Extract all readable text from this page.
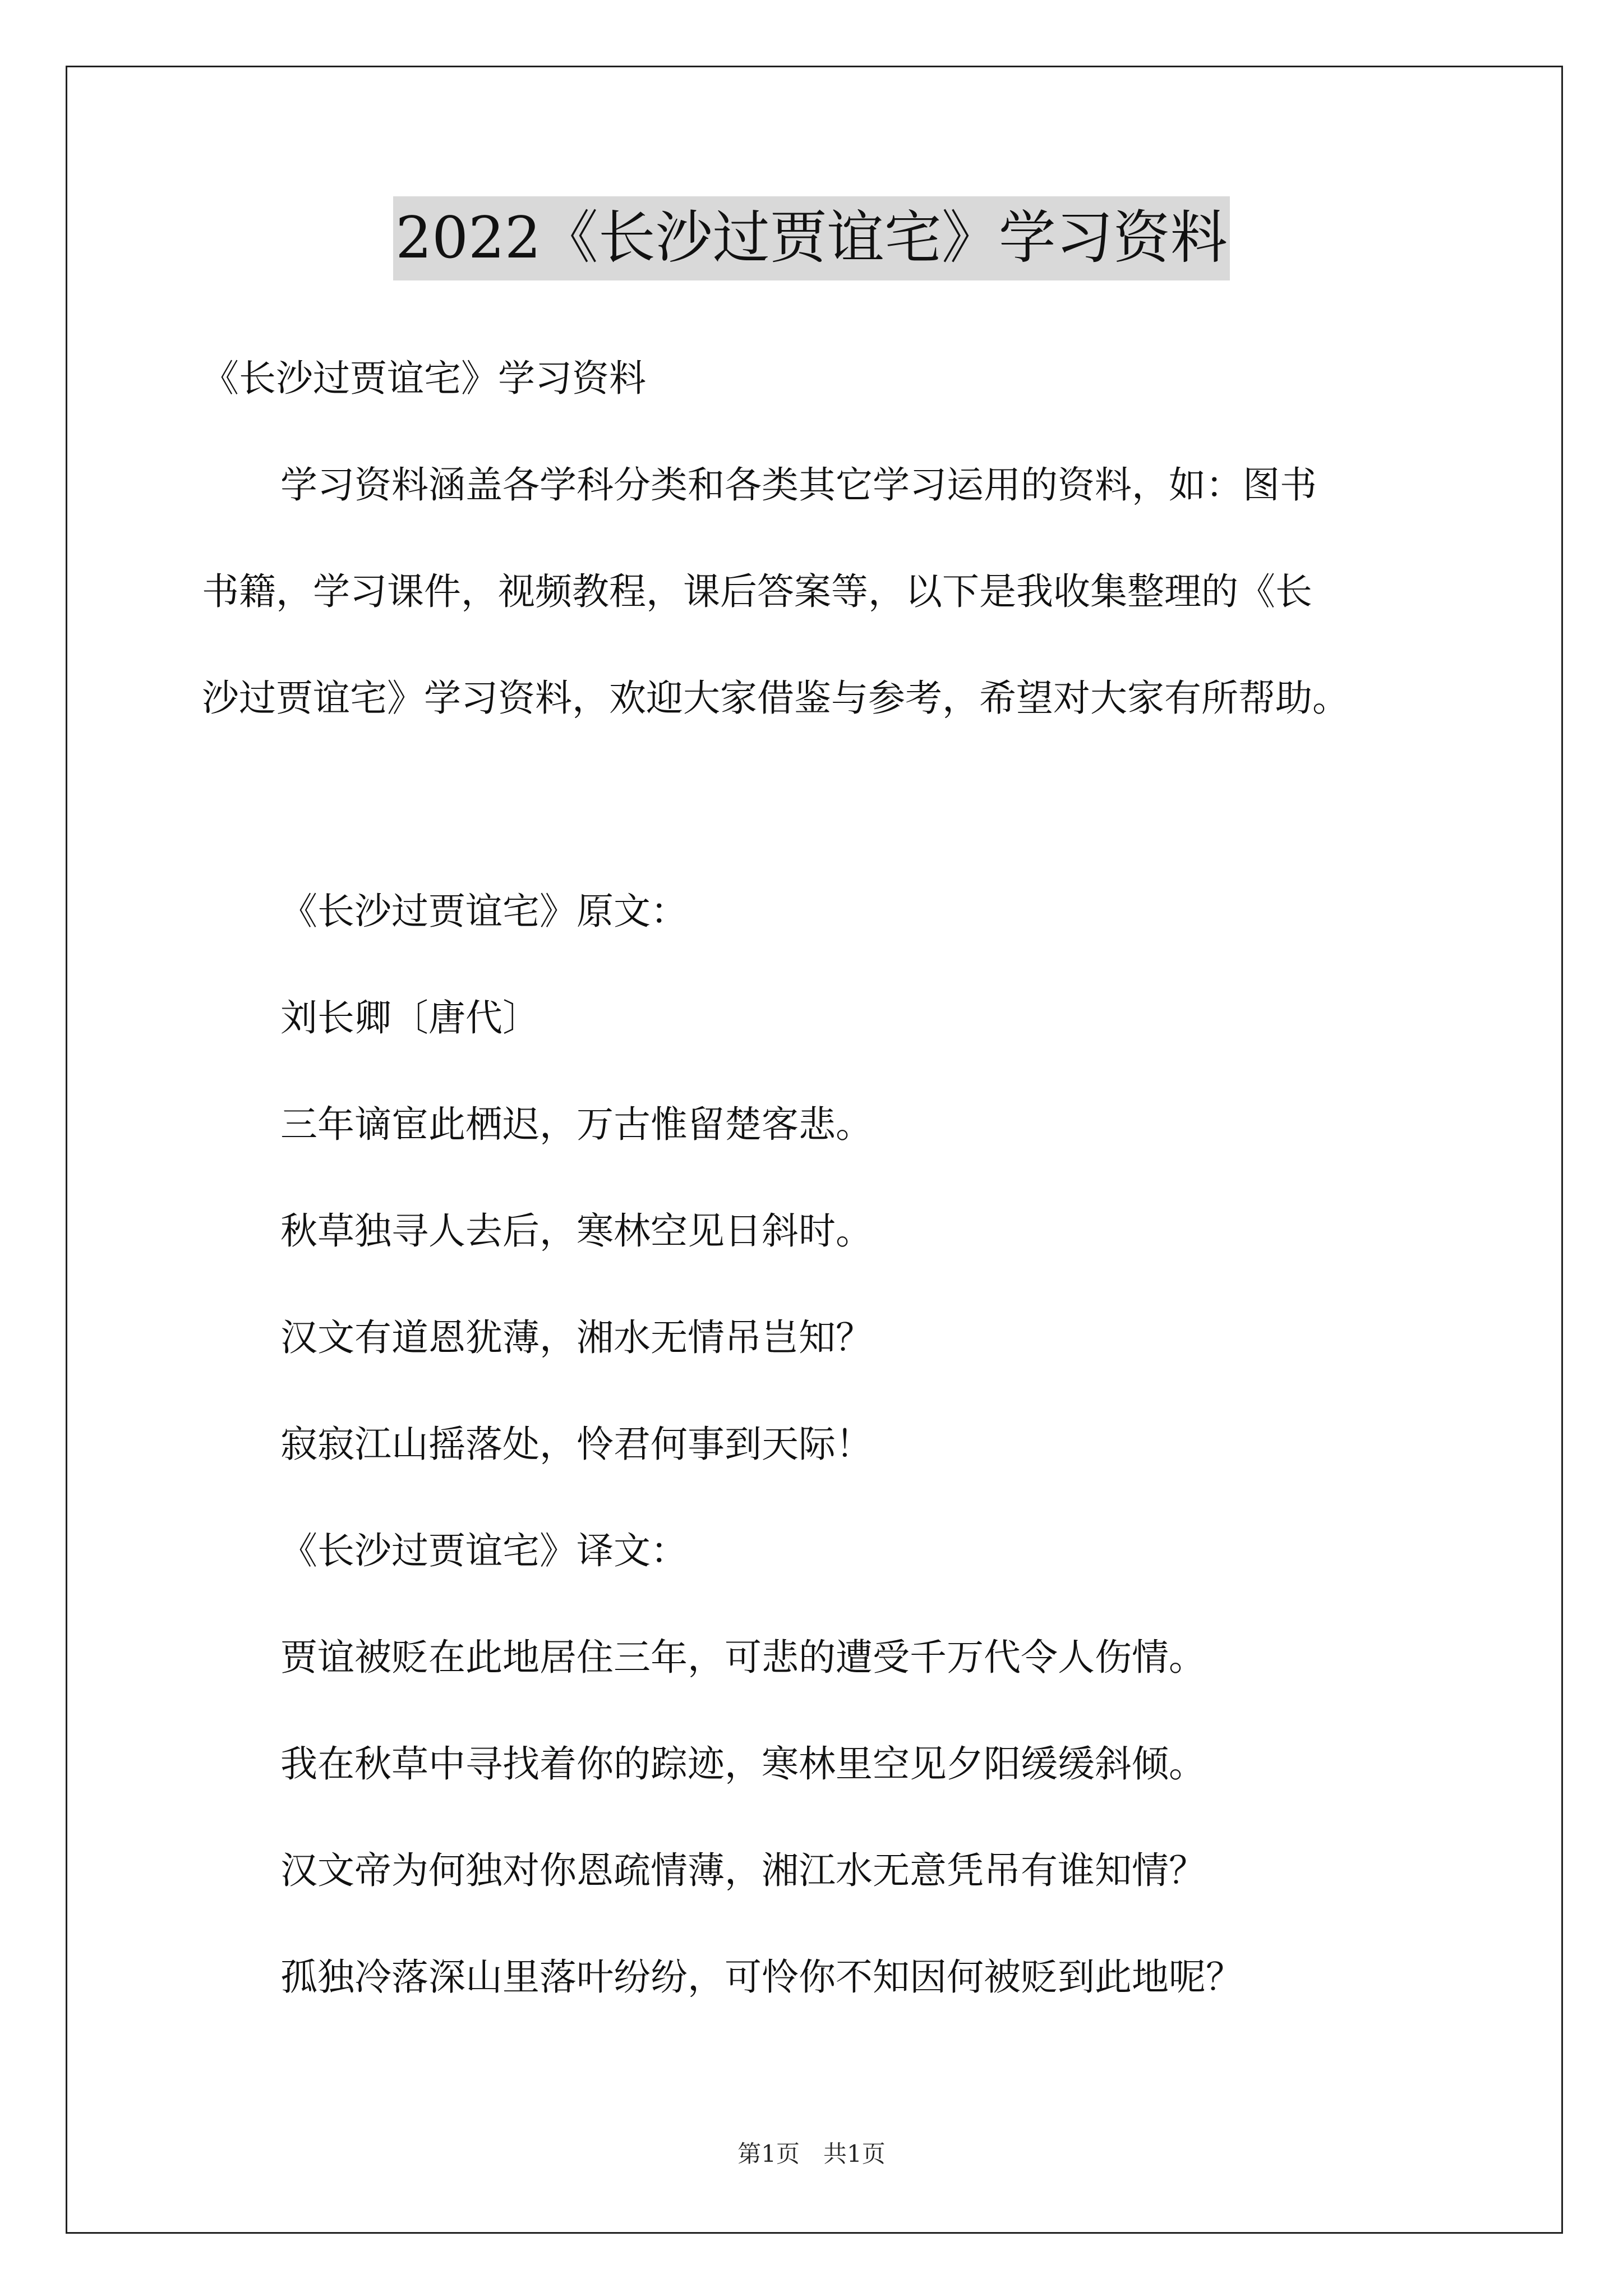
2022《长沙过贾谊宅》学习资料
《长沙过贾谊宅》学习资料
学习资料涵盖各学科分类和各类其它学习运用的资料，如：图书
书籍，学习课件，视频教程，课后答案等，以下是我收集整理的《长
沙过贾谊宅》学习资料，欢迎大家借鉴与参考，希望对大家有所帮助。
《长沙过贾谊宅》原文：
刘长卿〔唐代〕
三年谪宦此栖迟，万古惟留楚客悲。
秋草独寻人去后，寒林空见日斜时。
汉文有道恩犹薄，湘水无情吊岂知？
寂寂江山摇落处，怜君何事到天际！
《长沙过贾谊宅》译文：
贾谊被贬在此地居住三年，可悲的遭受千万代令人伤情。
我在秋草中寻找着你的踪迹，寒林里空见夕阳缓缓斜倾。
汉文帝为何独对你恩疏情薄，湘江水无意凭吊有谁知情？
孤独冷落深山里落叶纷纷，可怜你不知因何被贬到此地呢？
第1页　共1页
